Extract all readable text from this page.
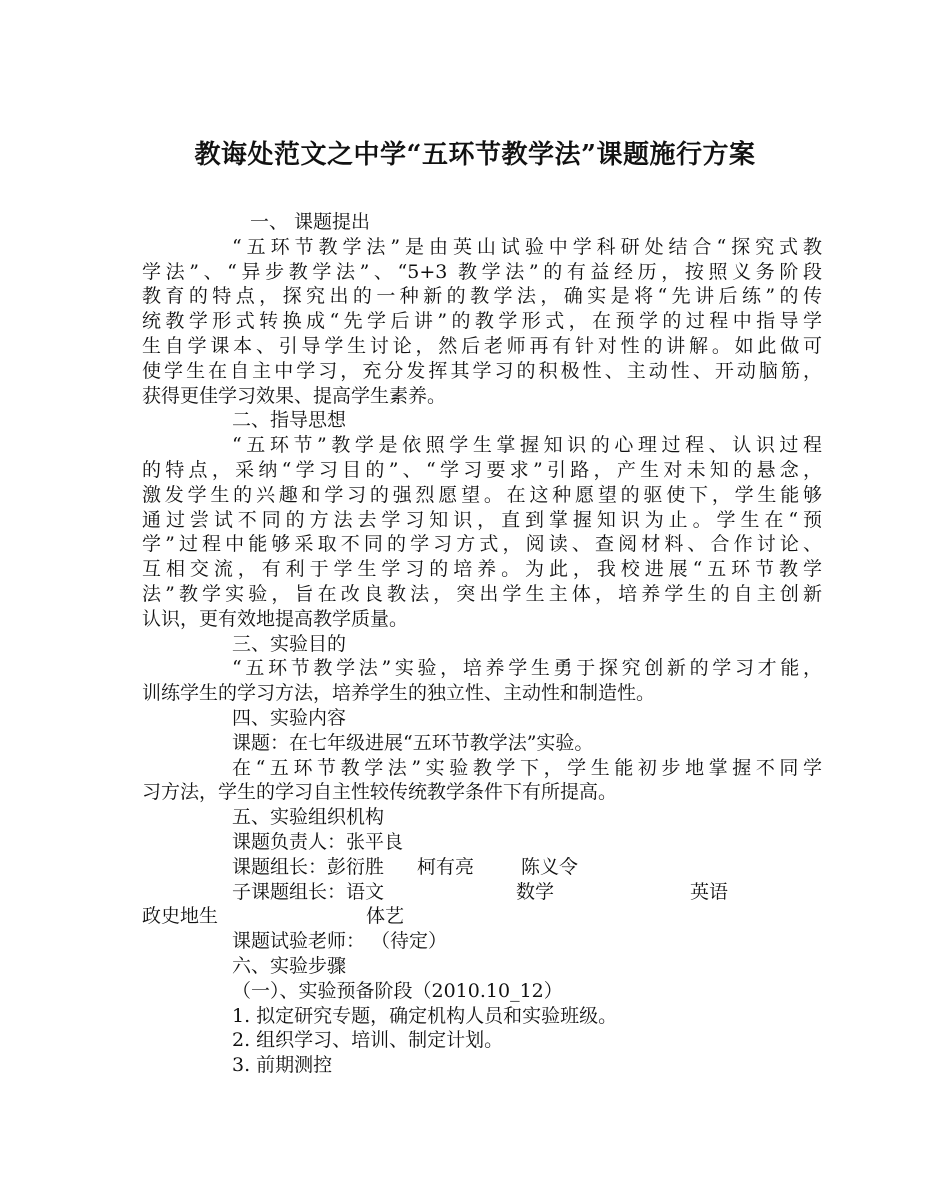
教诲处范文之中学“五环节教学法”课题施行方案
一、 课题提出
“五环节教学法”是由英山试验中学科研处结合“探究式教
学法”、“异步教学法”、“5+3 教学法”的有益经历，按照义务阶段
教育的特点，探究出的一种新的教学法，确实是将“先讲后练”的传
统教学形式转换成“先学后讲”的教学形式，在预学的过程中指导学
生自学课本、引导学生讨论，然后老师再有针对性的讲解。如此做可
使学生在自主中学习，充分发挥其学习的积极性、主动性、开动脑筋，
获得更佳学习效果、提高学生素养。
二、指导思想
“五环节”教学是依照学生掌握知识的心理过程、认识过程
的特点，采纳“学习目的”、“学习要求”引路，产生对未知的悬念，
激发学生的兴趣和学习的强烈愿望。在这种愿望的驱使下，学生能够
通过尝试不同的方法去学习知识，直到掌握知识为止。学生在“预
学”过程中能够采取不同的学习方式，阅读、查阅材料、合作讨论、
互相交流，有利于学生学习的培养。为此，我校进展“五环节教学
法”教学实验，旨在改良教法，突出学生主体，培养学生的自主创新
认识，更有效地提高教学质量。
三、实验目的
“五环节教学法”实验，培养学生勇于探究创新的学习才能，
训练学生的学习方法，培养学生的独立性、主动性和制造性。
四、实验内容
课题：在七年级进展“五环节教学法”实验。
在“五环节教学法”实验教学下，学生能初步地掌握不同学
习方法，学生的学习自主性较传统教学条件下有所提高。
五、实验组织机构
课题负责人：张平良
课题组长：彭衍胜 柯有亮 陈义令
子课题组长：语文	数学	英语
政史地生	体艺
课题试验老师： （待定）
六、实验步骤
（一）、实验预备阶段（2010.10_12）
1. 拟定研究专题，确定机构人员和实验班级。
2. 组织学习、培训、制定计划。
3. 前期测控
